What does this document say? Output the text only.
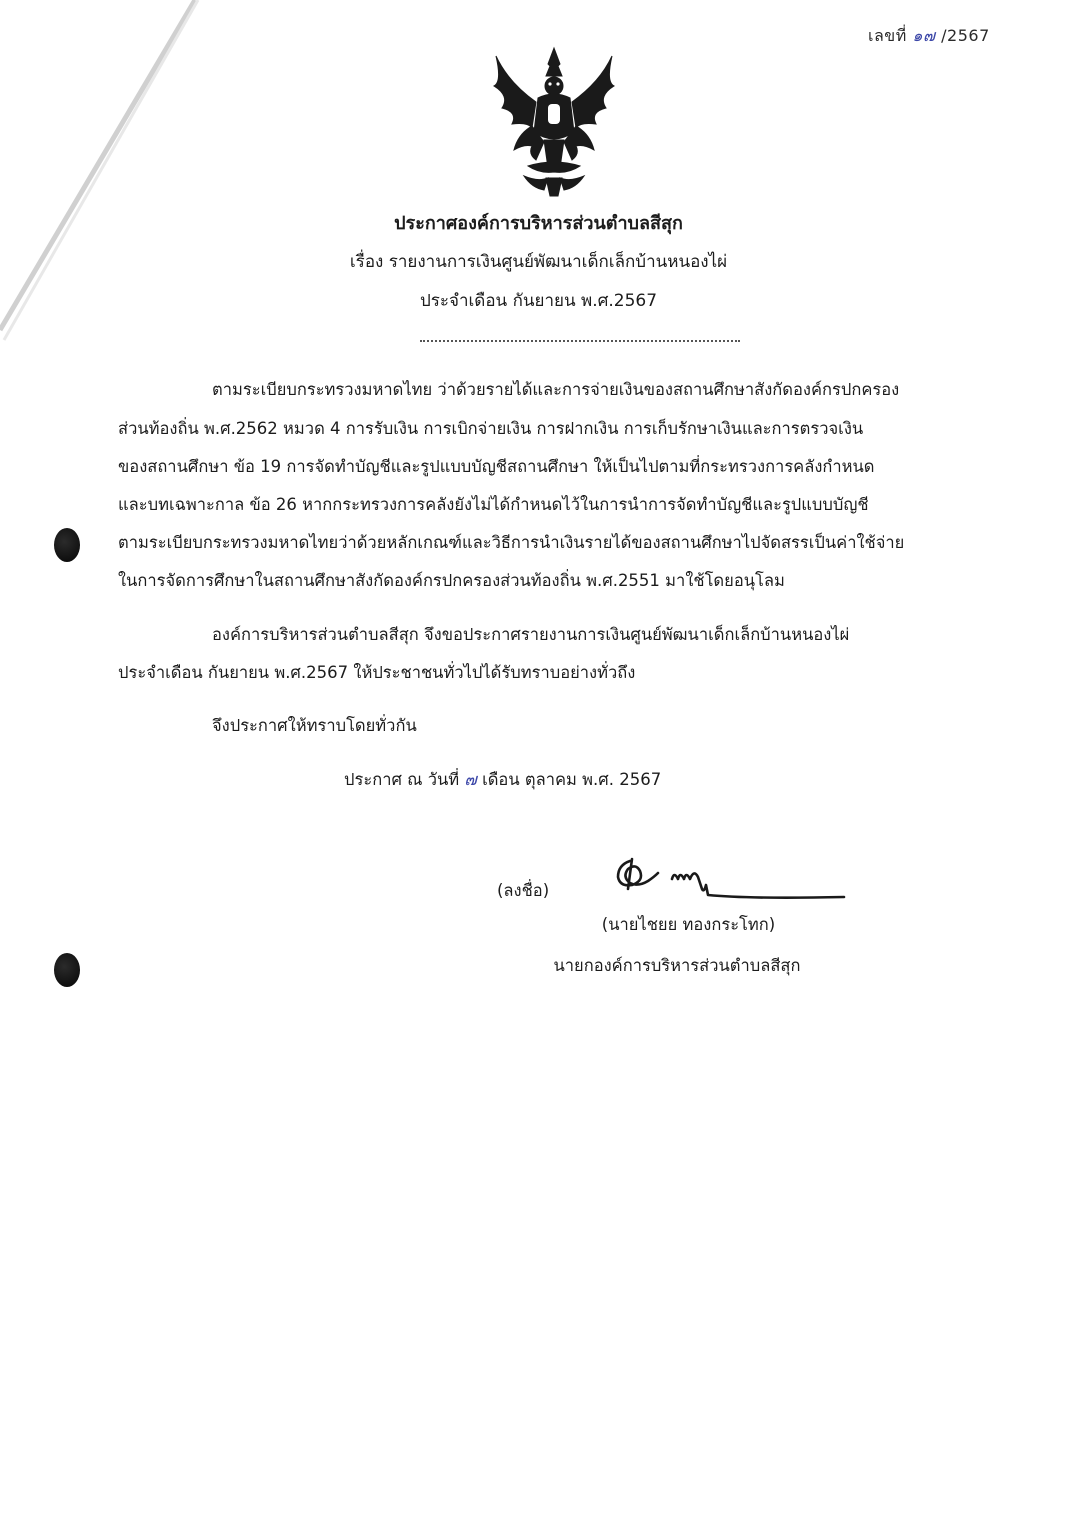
เลขที่ ๑๗ /2567
ประกาศองค์การบริหารส่วนตำบลสีสุก
เรื่อง รายงานการเงินศูนย์พัฒนาเด็กเล็กบ้านหนองไผ่
ประจำเดือน กันยายน พ.ศ.2567
ตามระเบียบกระทรวงมหาดไทย ว่าด้วยรายได้และการจ่ายเงินของสถานศึกษาสังกัดองค์กรปกครอง
ส่วนท้องถิ่น พ.ศ.2562 หมวด 4 การรับเงิน การเบิกจ่ายเงิน การฝากเงิน การเก็บรักษาเงินและการตรวจเงิน
ของสถานศึกษา ข้อ 19 การจัดทำบัญชีและรูปแบบบัญชีสถานศึกษา ให้เป็นไปตามที่กระทรวงการคลังกำหนด
และบทเฉพาะกาล ข้อ 26 หากกระทรวงการคลังยังไม่ได้กำหนดไว้ในการนำการจัดทำบัญชีและรูปแบบบัญชี
ตามระเบียบกระทรวงมหาดไทยว่าด้วยหลักเกณฑ์และวิธีการนำเงินรายได้ของสถานศึกษาไปจัดสรรเป็นค่าใช้จ่าย
ในการจัดการศึกษาในสถานศึกษาสังกัดองค์กรปกครองส่วนท้องถิ่น พ.ศ.2551 มาใช้โดยอนุโลม
องค์การบริหารส่วนตำบลสีสุก จึงขอประกาศรายงานการเงินศูนย์พัฒนาเด็กเล็กบ้านหนองไผ่
ประจำเดือน กันยายน พ.ศ.2567 ให้ประชาชนทั่วไปได้รับทราบอย่างทั่วถึง
จึงประกาศให้ทราบโดยทั่วกัน
ประกาศ ณ วันที่ ๗ เดือน ตุลาคม พ.ศ. 2567
(ลงชื่อ)
(นายไชยย ทองกระโทก)
นายกองค์การบริหารส่วนตำบลสีสุก
